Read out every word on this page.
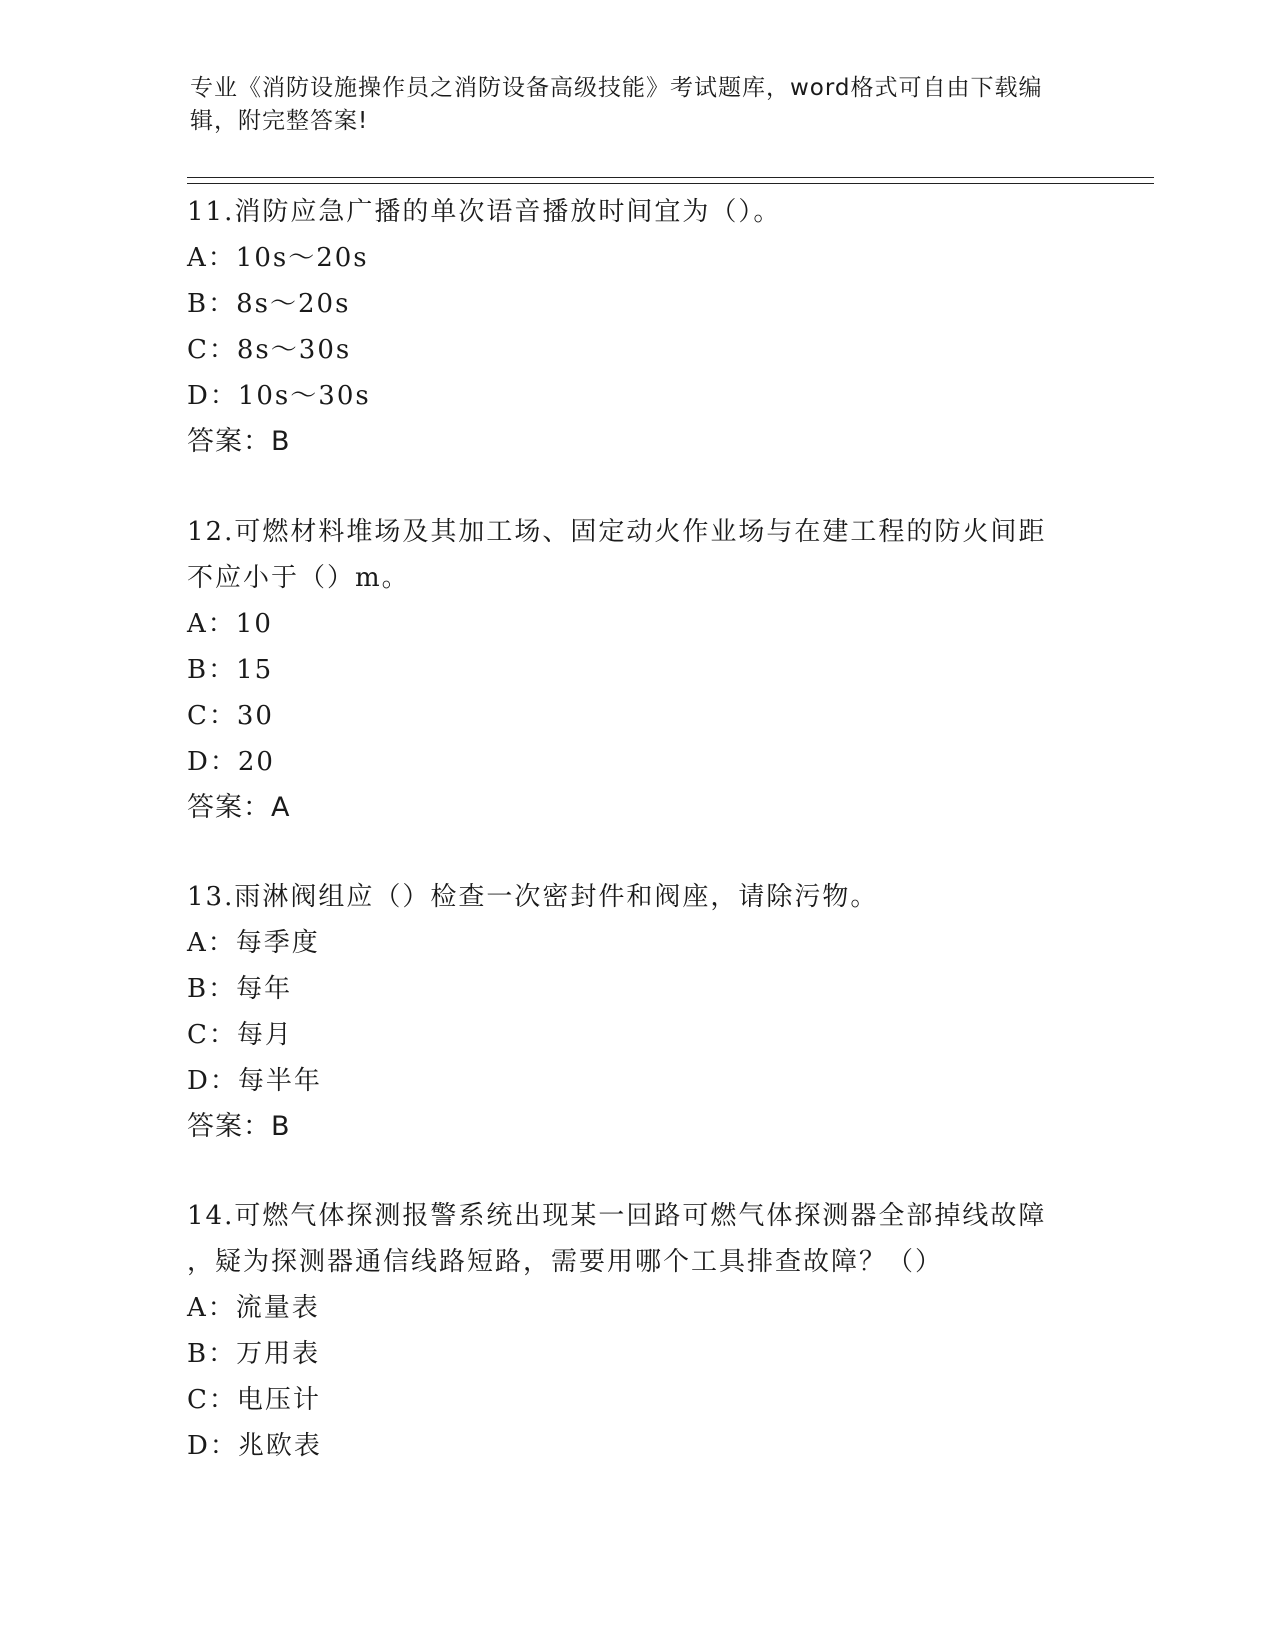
专业《消防设施操作员之消防设备高级技能》考试题库，word格式可自由下载编
辑，附完整答案!
11.消防应急广播的单次语音播放时间宜为（）。
A：10s～20s
B：8s～20s
C：8s～30s
D：10s～30s
答案：B
12.可燃材料堆场及其加工场、固定动火作业场与在建工程的防火间距
不应小于（）m。
A：10
B：15
C：30
D：20
答案：A
13.雨淋阀组应（）检查一次密封件和阀座，请除污物。
A：每季度
B：每年
C：每月
D：每半年
答案：B
14.可燃气体探测报警系统出现某一回路可燃气体探测器全部掉线故障
，疑为探测器通信线路短路，需要用哪个工具排查故障？（）
A：流量表
B：万用表
C：电压计
D：兆欧表
